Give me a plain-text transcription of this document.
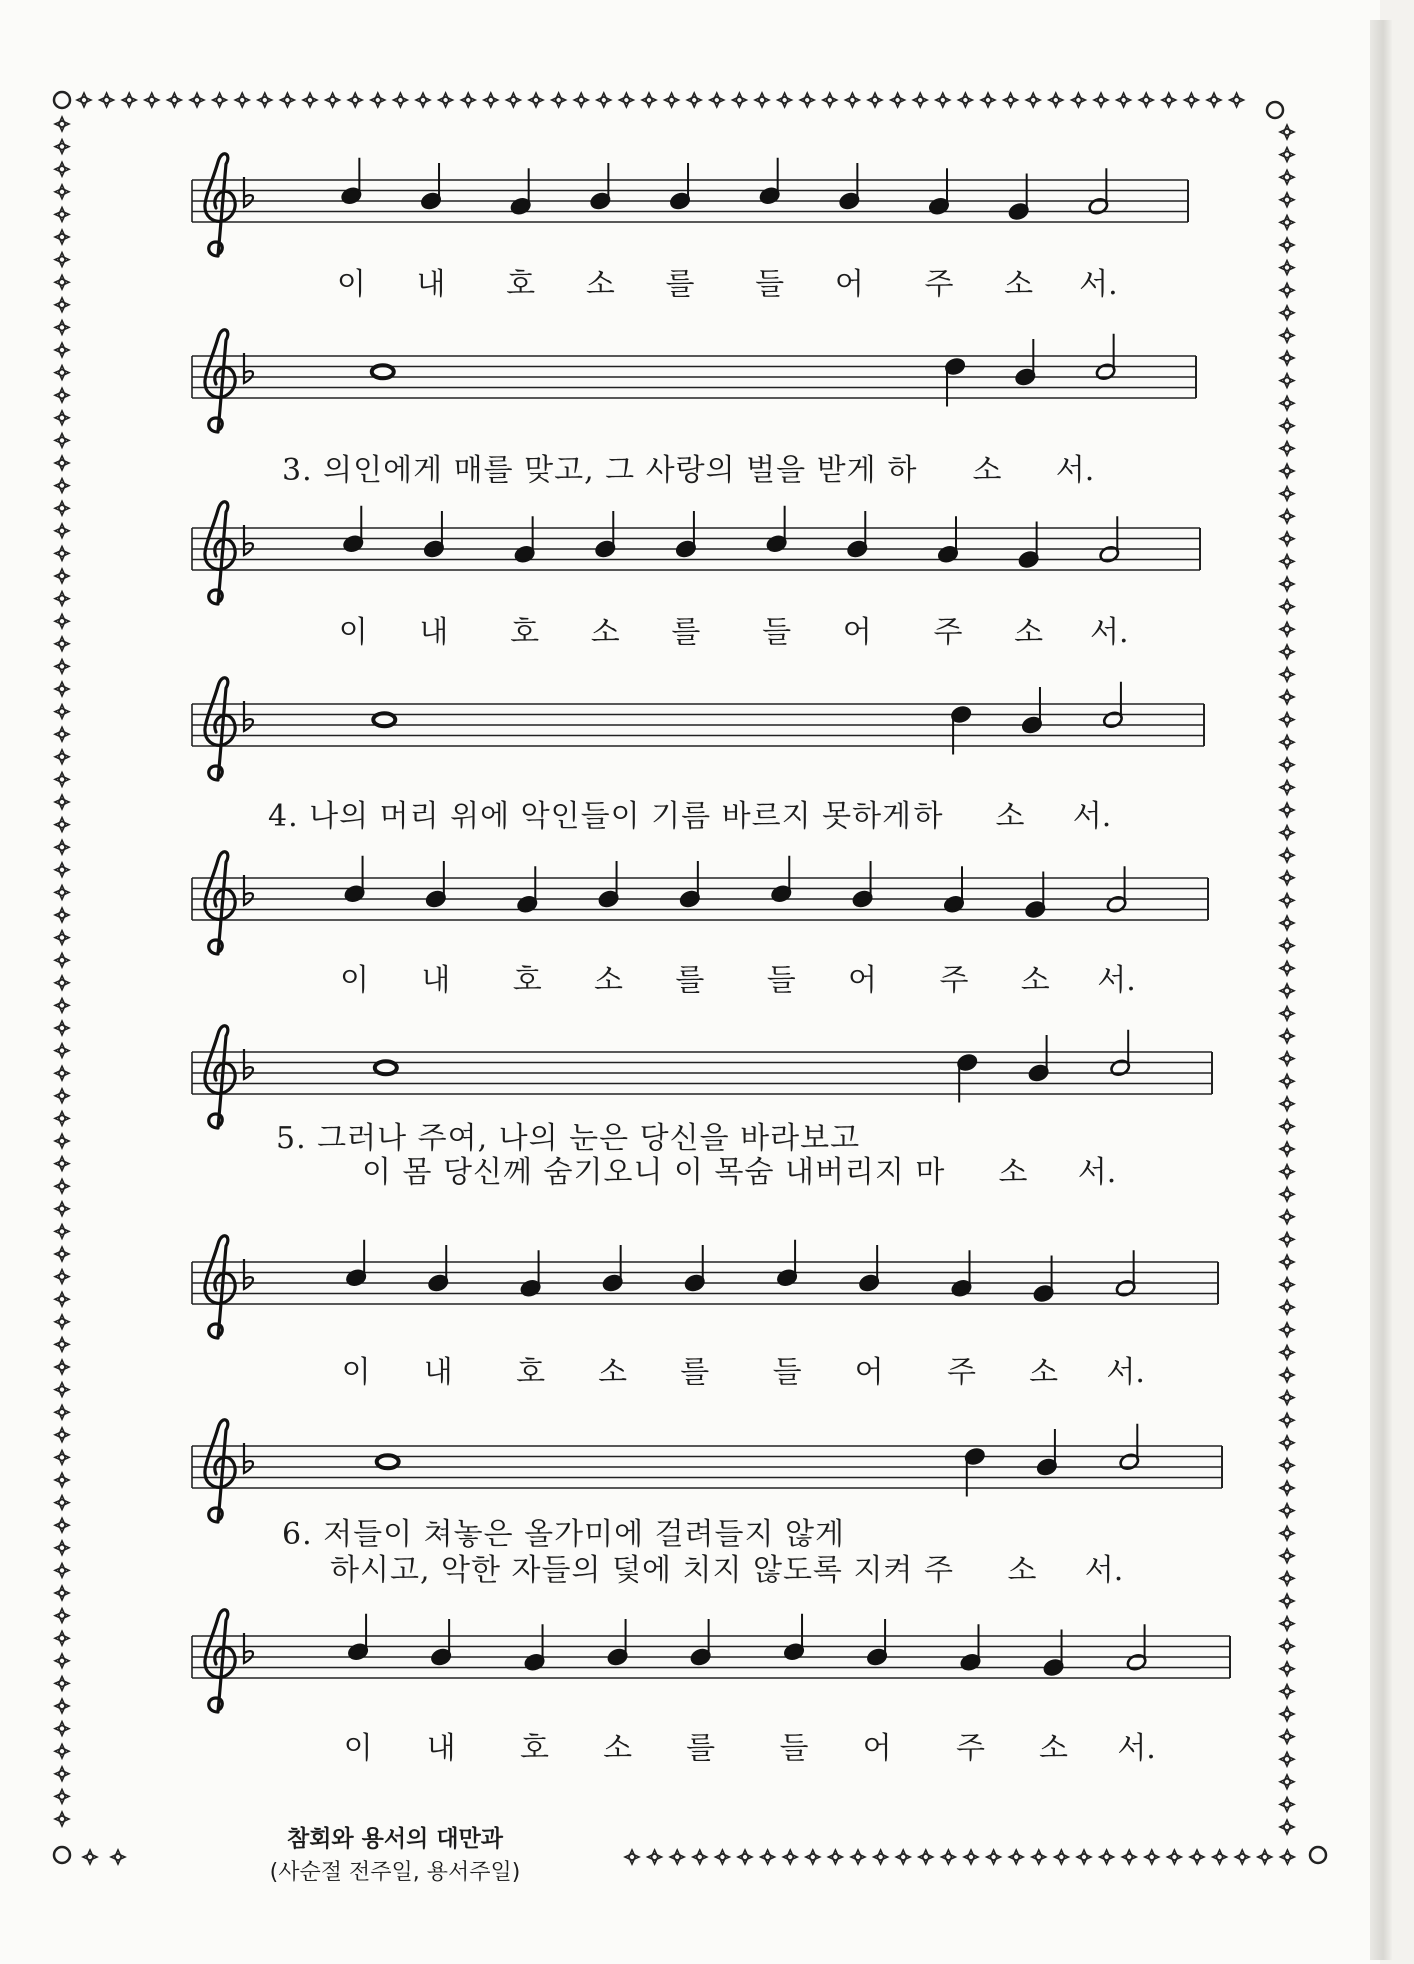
이 내 호 소 를 들 어 주 소 서.
이 내 호 소 를 들 어 주 소 서.
이 내 호 소 를 들 어 주 소 서.
이 내 호 소 를 들 어 주 소 서.
이 내 호 소 를 들 어 주 소 서.
3. 의인에게 매를 맞고, 그 사랑의 벌을 받게 하 소 서.
4. 나의 머리 위에 악인들이 기름 바르지 못하게 하 소 서.
5. 그러나 주여, 나의 눈은 당신을 바라보고
이 몸 당신께 숨기오니 이 목숨 내버리지 마 소 서.
6. 저들이 쳐놓은 올가미에 걸려들지 않게
하시고, 악한 자들의 덫에 치지 않도록 지켜 주 소 서.
참회와 용서의 대만과
(사순절 전주일, 용서주일)
